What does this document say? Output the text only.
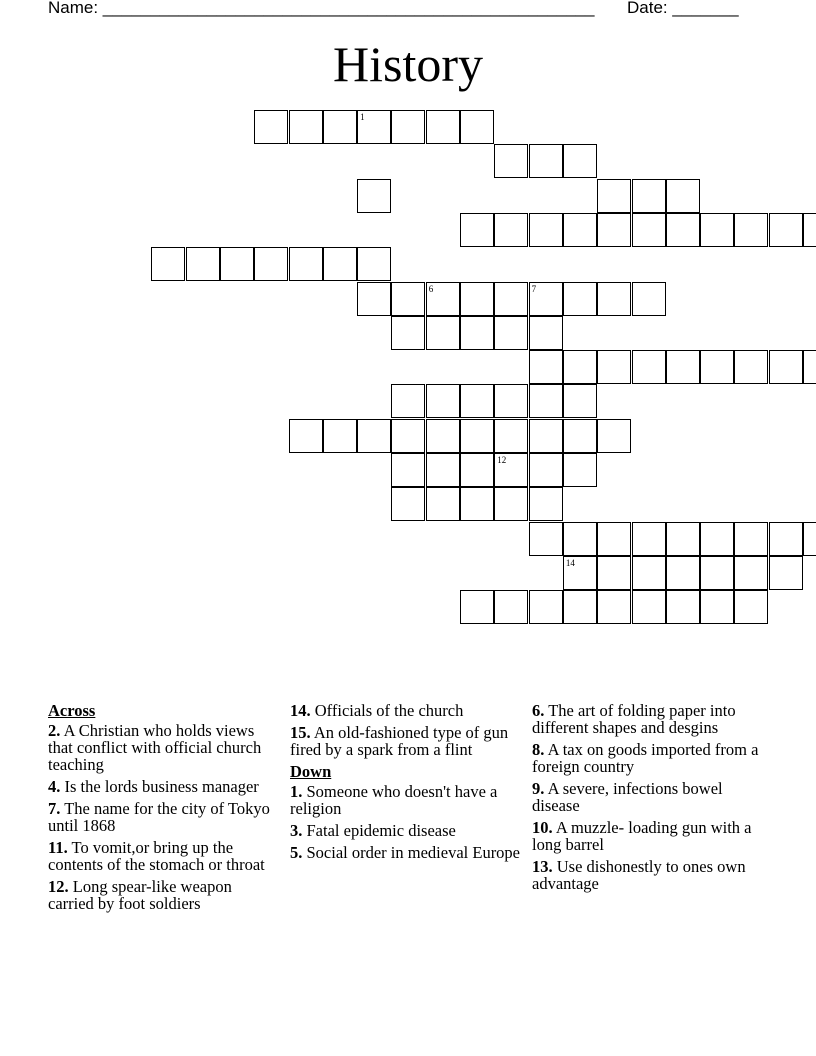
Name: ____________________________________________________ Date: _______
History
1
6	7
12
14
Across
2. A Christian who holds views that conflict with official church teaching
4. Is the lords business manager
7. The name for the city of Tokyo until 1868
11. To vomit,or bring up the contents of the stomach or throat
12. Long spear-like weapon carried by foot soldiers
14. Officials of the church
15. An old-fashioned type of gun fired by a spark from a flint
Down
1. Someone who doesn't have a religion
3. Fatal epidemic disease
5. Social order in medieval Europe
6. The art of folding paper into different shapes and desgins
8. A tax on goods imported from a foreign country
9. A severe, infections bowel disease
10. A muzzle- loading gun with a long barrel
13. Use dishonestly to ones own advantage
